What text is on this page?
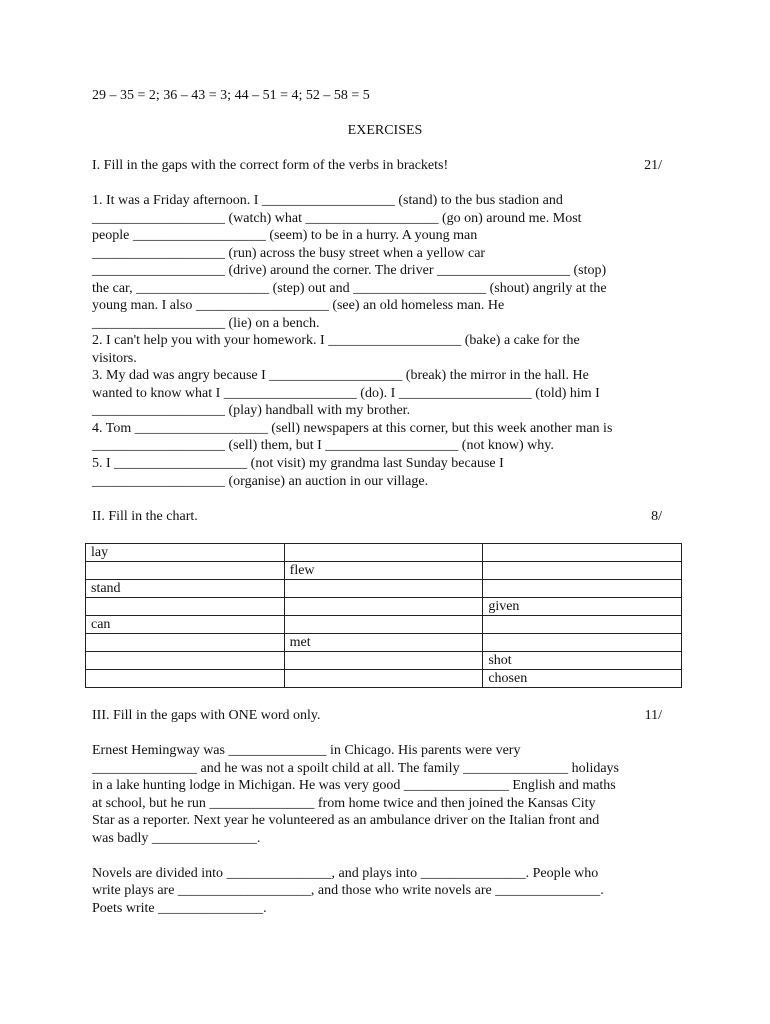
29 – 35 = 2; 36 – 43 = 3; 44 – 51 = 4; 52 – 58 = 5
EXERCISES
I. Fill in the gaps with the correct form of the verbs in brackets!	21/
1. It was a Friday afternoon. I ___________________ (stand) to the bus stadion and
___________________ (watch) what ___________________ (go on) around me. Most
people ___________________ (seem) to be in a hurry. A young man
___________________ (run) across the busy street when a yellow car
___________________ (drive) around the corner. The driver ___________________ (stop)
the car, ___________________ (step) out and ___________________ (shout) angrily at the
young man. I also ___________________ (see) an old homeless man. He
___________________ (lie) on a bench.
2. I can't help you with your homework. I ___________________ (bake) a cake for the
visitors.
3. My dad was angry because I ___________________ (break) the mirror in the hall. He
wanted to know what I ___________________ (do). I ___________________ (told) him I
___________________ (play) handball with my brother.
4. Tom ___________________ (sell) newspapers at this corner, but this week another man is
___________________ (sell) them, but I ___________________ (not know) why.
5. I ___________________ (not visit) my grandma last Sunday because I
___________________ (organise) an auction in our village.
II. Fill in the chart.	8/
lay		
	flew	
stand		
		given
can		
	met	
		shot
		chosen
III. Fill in the gaps with ONE word only.	11/
Ernest Hemingway was ______________ in Chicago. His parents were very
_______________ and he was not a spoilt child at all. The family _______________ holidays
in a lake hunting lodge in Michigan. He was very good _______________ English and maths
at school, but he run _______________ from home twice and then joined the Kansas City
Star as a reporter. Next year he volunteered as an ambulance driver on the Italian front and
was badly _______________.
Novels are divided into _______________, and plays into _______________. People who
write plays are ___________________, and those who write novels are _______________.
Poets write _______________.
